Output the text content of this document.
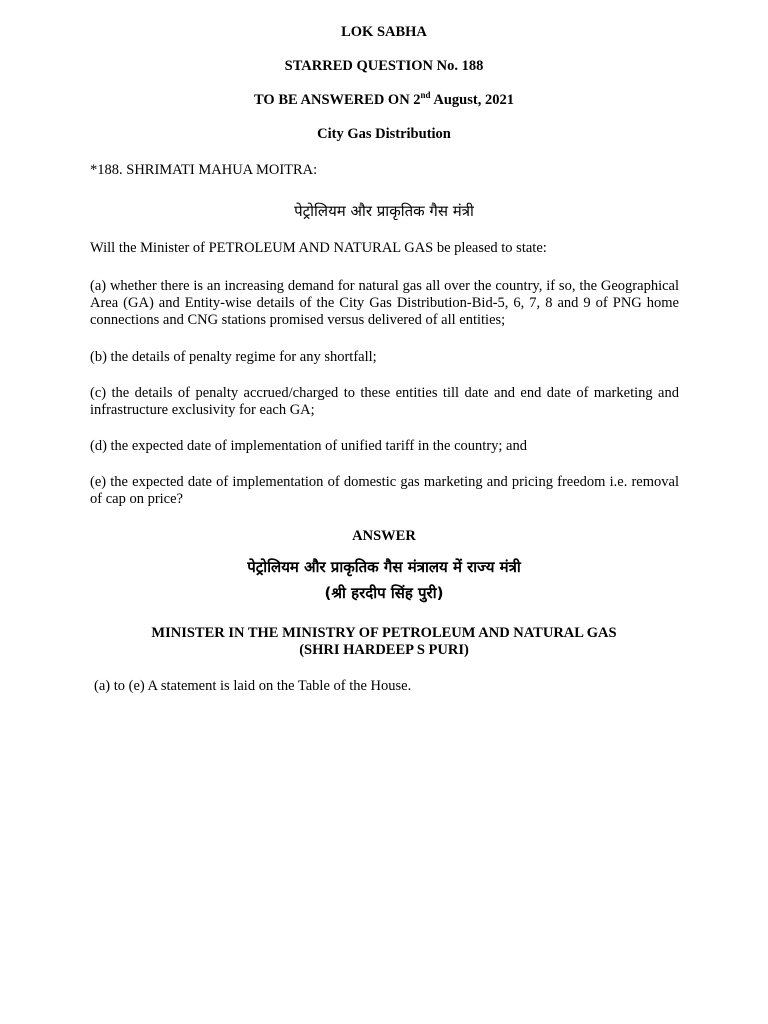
LOK SABHA
STARRED QUESTION No. 188
TO BE ANSWERED ON 2nd August, 2021
City Gas Distribution
*188. SHRIMATI MAHUA MOITRA:
पेट्रोलियम और प्राकृतिक गैस मंत्री
Will the Minister of PETROLEUM AND NATURAL GAS be pleased to state:
(a) whether there is an increasing demand for natural gas all over the country, if so, the Geographical Area (GA) and Entity-wise details of the City Gas Distribution-Bid-5, 6, 7, 8 and 9 of PNG home connections and CNG stations promised versus delivered of all entities;
(b) the details of penalty regime for any shortfall;
(c) the details of penalty accrued/charged to these entities till date and end date of marketing and infrastructure exclusivity for each GA;
(d) the expected date of implementation of unified tariff in the country; and
(e) the expected date of implementation of domestic gas marketing and pricing freedom i.e. removal of cap on price?
ANSWER
पेट्रोलियम और प्राकृतिक गैस मंत्रालय में राज्य मंत्री
(श्री हरदीप सिंह पुरी)
MINISTER IN THE MINISTRY OF PETROLEUM AND NATURAL GAS
(SHRI HARDEEP S PURI)
(a) to (e) A statement is laid on the Table of the House.
